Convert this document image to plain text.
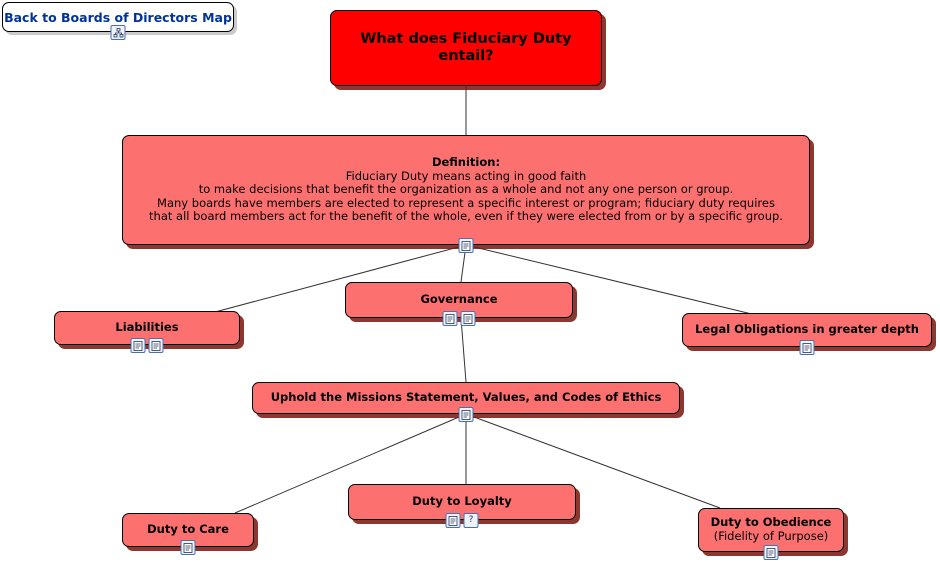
Back to Boards of Directors Map
What does Fiduciary Duty entail?
Definition:
Fiduciary Duty means acting in good faith
to make decisions that benefit the organization as a whole and not any one person or group.
Many boards have members are elected to represent a specific interest or program; fiduciary duty requires
that all board members act for the benefit of the whole, even if they were elected from or by a specific group.
Governance
Liabilities	Legal Obligations in greater depth
Uphold the Missions Statement, Values, and Codes of Ethics
Duty to Care
Duty to Loyalty
?	Duty to Obedience
(Fidelity of Purpose)
